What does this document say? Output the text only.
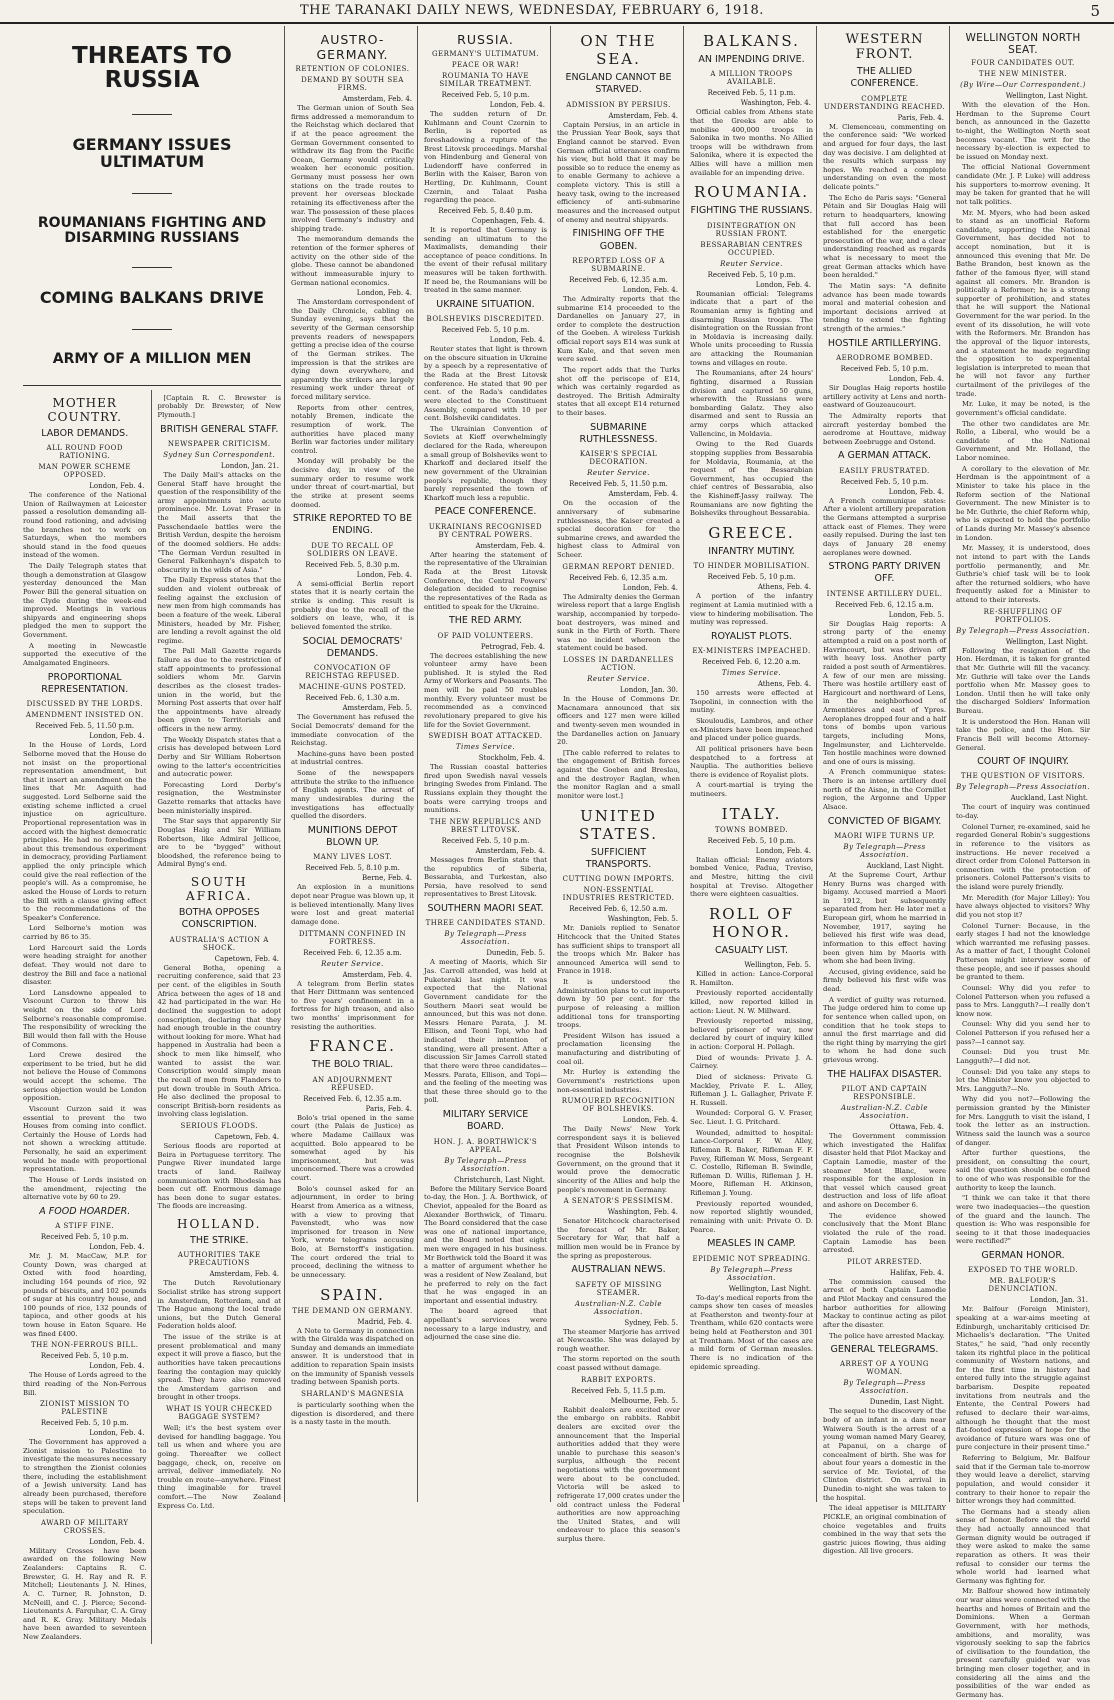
THE TARANAKI DAILY NEWS, WEDNESDAY, FEBRUARY 6, 1918.	5
THREATS TO RUSSIA
GERMANY ISSUES ULTIMATUM
ROUMANIANS FIGHTING AND DISARMING RUSSIANS
COMING BALKANS DRIVE
ARMY OF A MILLION MEN
MOTHER COUNTRY.
LABOR DEMANDS.
ALL ROUND FOOD RATIONING.
MAN POWER SCHEME OPPOSED.
London, Feb. 4.

The conference of the National Union of Railwaymen at Leicester passed a resolution demanding all-round food rationing, and advising the branches not to work on Saturdays, when the members should stand in the food queues instead of the women.

The Daily Telegraph states that though a demonstration at Glasgow yesterday denounced the Man Power Bill the general situation on the Clyde during the week-end improved. Meetings in various shipyards and engineering shops pledged the men to support the Government.

A meeting in Newcastle supported the executive of the Amalgamated Engineers.

PROPORTIONAL REPRESENTATION.
DISCUSSED BY THE LORDS.
AMENDMENT INSISTED ON.
Received Feb. 5, 11.50 p.m.
London, Feb. 4.

In the House of Lords, Lord Selborne moved that the House do not insist on the proportional representation amendment, but that it insert an amendment on the lines that Mr. Asquith had suggested. Lord Selborne said the existing scheme inflicted a cruel injustice on agriculture. Proportional representation was in accord with the highest democratic principles. He had no forebodings about this tremendous experiment in democracy, providing Parliament applied the only principle which could give the real reflection of the people's will. As a compromise, he asked the House of Lords to return the Bill with a clause giving effect to the recommendations of the Speaker's Conference.

Lord Selborne's motion was carried by 86 to 35.

Lord Harcourt said the Lords were heading straight for another defeat. They would not dare to destroy the Bill and face a national disaster.

Lord Lansdowne appealed to Viscount Curzon to throw his weight on the side of Lord Selborne's reasonable compromise. The responsibility of wrecking the Bill would then fall with the House of Commons.

Lord Crewe desired the experiment to be tried, but he did not believe the House of Commons would accept the scheme. The serious objection would be London opposition.

Viscount Curzon said it was essential to prevent the two Houses from coming into conflict. Certainly the House of Lords had not shown a wrecking attitude. Personally, he said an experiment would be made with proportional representation.

The House of Lords insisted on the amendment, rejecting the alternative vote by 60 to 29.

A FOOD HOARDER.
A STIFF FINE.
Received Feb. 5, 10 p.m.
London, Feb. 4.

Mr. J. M. MacCaw, M.P. for County Down, was charged at Oxted with food hoarding, including 164 pounds of rice, 92 pounds of biscuits, and 102 pounds of sugar at his country house, and 100 pounds of rice, 132 pounds of tapioca, and other goods at his town house in Eaton Square. He was fined £400.

THE NON-FERROUS BILL.
Received Feb. 5, 10 p.m.
London, Feb. 4.

The House of Lords agreed to the third reading of the Non-Ferrous Bill.

ZIONIST MISSION TO PALESTINE
Received Feb. 5, 10 p.m.
London, Feb. 4.

The Government has approved a Zionist mission to Palestine to investigate the measures necessary to strengthen the Zionist colonies there, including the establishment of a Jewish university. Land has already been purchased, therefore steps will be taken to prevent land speculation.

AWARD OF MILITARY CROSSES.
London, Feb. 4.

Military Crosses have been awarded on the following New Zealanders: Captains R. C. Brewster, G. H. Ray and R. F. Mitchell; Lieutenants J. N. Hines, A. C. Turner, R. Johnston, D. McNeill, and C. J. Pierce; Second-Lieutenants A. Farquhar, C. A. Gray and R. K. Gray. Military Medals have been awarded to seventeen New Zealanders.

[Captain R. C. Brewster is probably Dr. Brewster, of New Plymouth.]

BRITISH GENERAL STAFF.
NEWSPAPER CRITICISM.
Sydney Sun Correspondent.
London, Jan. 21.

The Daily Mail's attacks on the General Staff have brought the question of the responsibility of the army appointments into acute prominence. Mr. Lovat Fraser in the Mail asserts that the Passchendaele battles were the British Verdun, despite the heroism of the doomed soldiers. He adds: "The German Verdun resulted in General Falkenhayn's dispatch to obscurity in the wilds of Asia."

The Daily Express states that the sudden and violent outbreak of feeling against the exclusion of new men from high commands has been a feature of the week. Liberal Ministers, headed by Mr. Fisher, are lending a revolt against the old regime.

The Pall Mall Gazette regards failure as due to the restriction of staff appointments to professional soldiers whom Mr. Garvin describes as the closest trades-union in the world, but the Morning Post asserts that over half the appointments have already been given to Territorials and officers in the new army.

The Weekly Dispatch states that a crisis has developed between Lord Derby and Sir William Robertson owing to the latter's eccentricities and autocratic power.

Forecasting Lord Derby's resignation, the Westminster Gazette remarks that attacks have been ministerially inspired.

The Star says that apparently Sir Douglas Haig and Sir William Robertson, like Admiral Jellicoe, are to be "bygged" without bloodshed, the reference being to Admiral Byng's end.

SOUTH AFRICA.
BOTHA OPPOSES CONSCRIPTION.
AUSTRALIA'S ACTION A SHOCK.
Capetown, Feb. 4.

General Botha, opening a recruiting conference, said that 23 per cent. of the eligibles in South Africa between the ages of 18 and 42 had participated in the war. He declined the suggestion to adopt conscription, declaring that they had enough trouble in the country without looking for more. What had happened in Australia had been a shock to men like himself, who wanted to assist the war. Conscription would simply mean the recall of men from Flanders to put down trouble in South Africa. He also declined the proposal to conscript British-born residents as involving class legislation.

SERIOUS FLOODS.
Capetown, Feb. 4.

Serious floods are reported at Beira in Portuguese territory. The Pungwe River inundated large tracts of land. Railway communication with Rhodesia has been cut off. Enormous damage has been done to sugar estates. The floods are increasing.

HOLLAND.
THE STRIKE.
AUTHORITIES TAKE PRECAUTIONS
Amsterdam, Feb. 4.

The Dutch Revolutionary Socialist strike has strong support in Amsterdam, Rotterdam, and at The Hague among the local trade unions, but the Dutch General Federation holds aloof.

The issue of the strike is at present problematical and many expect it will prove a fiasco, but the authorities have taken precautions fearing the contagion may quickly spread. They have also removed the Amsterdam garrison and brought in other troops.

WHAT IS YOUR CHECKED BAGGAGE SYSTEM?

Well; it's the best system ever devised for handling baggage. You tell us when and where you are going. Thereafter we collect baggage, check, on, receive on arrival, deliver immediately. No trouble en route—anywhere. Finest thing imaginable for travel comfort.—The New Zealand Express Co. Ltd.

AUSTRO-GERMANY.
RETENTION OF COLONIES.
DEMAND BY SOUTH SEA FIRMS.
Amsterdam, Feb. 4.

The German union of South Sea firms addressed a memorandum to the Reichstag which declared that if at the peace agreement the German Government consented to withdraw its flag from the Pacific Ocean, Germany would critically weaken her economic position. Germany must possess her own stations on the trade routes to prevent her overseas blockade retaining its effectiveness after the war. The possession of these places involved Germany's industry and shipping trade.

The memorandum demands the retention of the former spheres of activity on the other side of the globe. These cannot be abandoned without immeasurable injury to German national economics.

London, Feb. 4.

The Amsterdam correspondent of the Daily Chronicle, cabling on Sunday evening, says that the severity of the German censorship prevents readers of newspapers getting a precise idea of the course of the German strikes. The impression is that the strikes are dying down everywhere, and apparently the strikers are largely resuming work under threat of forced military service.

Reports from other centres, notably Bremen, indicate the resumption of work. The authorities have placed many Berlin war factories under military control.

Monday will probably be the decisive day, in view of the summary order to resume work under threat of court-martial, but the strike at present seems doomed.

STRIKE REPORTED TO BE ENDING.
DUE TO RECALL OF SOLDIERS ON LEAVE.
Received Feb. 5, 8.30 p.m.
London, Feb. 4.

A semi-official Berlin report states that it is nearly certain the strike is ending. This result is probably due to the recall of the soldiers on leave, who, it is believed fomented the strike.

SOCIAL DEMOCRATS' DEMANDS.
CONVOCATION OF REICHSTAG REFUSED.
MACHINE-GUNS POSTED.
Received Feb. 6, 1.30 a.m.
Amsterdam, Feb. 5.

The Government has refused the Social Democrats' demand for the immediate convocation of the Reichstag.

Machine-guns have been posted at industrial centres.

Some of the newspapers attribute the strike to the influence of English agents. The arrest of many undesirables during the investigations has effectually quelled the disorders.

MUNITIONS DEPOT BLOWN UP.
MANY LIVES LOST.
Received Feb. 5, 8.10 p.m.
Berne, Feb. 4.

An explosion in a munitions depot near Prague was blown up, it is believed intentionally. Many lives were lost and great material damage done.

DITTMANN CONFINED IN FORTRESS.
Received Feb. 6, 12.35 a.m.
Reuter Service.
Amsterdam, Feb. 4.

A telegram from Berlin states that Herr Dittmann was sentenced to five years' confinement in a fortress for high treason, and also two months' imprisonment for resisting the authorities.

FRANCE.
THE BOLO TRIAL.
AN ADJOURNMENT REFUSED.
Received Feb. 6, 12.35 a.m.
Paris, Feb. 4.

Bolo's trial opened in the same court (the Palais de Justice) as where Madame Caillaux was acquitted. Bolo appeared to be somewhat aged by his imprisonment, but was unconcerned. There was a crowded court.

Bolo's counsel asked for an adjournment, in order to bring Hearst from America as a witness, with a view to proving that Pavenstedt, who was now imprisoned for treason in New York, wrote telegrams accusing Bolo, at Bernstorff's instigation. The court ordered the trial to proceed, declining the witness to be unnecessary.

SPAIN.
THE DEMAND ON GERMANY.
Madrid, Feb. 4.

A Note to Germany in connection with the Giralda was dispatched on Sunday and demands an immediate answer. It is understood that in addition to reparation Spain insists on the immunity of Spanish vessels trading between Spanish ports.

SHARLAND'S MAGNESIA

is particularly soothing when the digestion is disordered, and there is a nasty taste in the mouth.

RUSSIA.
GERMANY'S ULTIMATUM.
PEACE OR WAR!
ROUMANIA TO HAVE SIMILAR TREATMENT.
Received Feb. 5, 10 p.m.
London, Feb. 4.

The sudden return of Dr. Kuhlmann and Count Czernin to Berlin, is reported as foreshadowing a rupture of the Brest Litovsk proceedings. Marshal von Hindenburg and General von Ludendorff have conferred in Berlin with the Kaiser, Baron von Hertling, Dr. Kuhlmann, Count Czernin, and Talaat Pasha regarding the peace.

Received Feb. 5, 8.40 p.m.
Copenhagen, Feb. 4.

It is reported that Germany is sending an ultimatum to the Maximalists, demanding their acceptance of peace conditions. In the event of their refusal military measures will be taken forthwith. If need be, the Roumanians will be treated in the same manner.

UKRAINE SITUATION.
BOLSHEVIKS DISCREDITED.
Received Feb. 5, 10 p.m.
London, Feb. 4.

Reuter states that light is thrown on the obscure situation in Ukraine by a speech by a representative of the Rada at the Brest Litovsk conference. He stated that 90 per cent. of the Rada's candidates were elected to the Constituent Assembly, compared with 10 per cent. Bolsheviki candidates.

The Ukrainian Convention of Soviets at Kieff overwhelmingly declared for the Rada, whereupon a small group of Bolsheviks went to Kharkoff and declared itself the new government of the Ukrainian people's republic, though they barely represented the town of Kharkoff much less a republic.

PEACE CONFERENCE.
UKRAINIANS RECOGNISED BY CENTRAL POWERS.
Amsterdam, Feb. 4.

After hearing the statement of the representative of the Ukrainian Rada at the Brest Litovsk Conference, the Central Powers' delegation decided to recognise the representatives of the Rada as entitled to speak for the Ukraine.

THE RED ARMY.
OF PAID VOLUNTEERS.
Petrograd, Feb. 4.

The decrees establishing the new volunteer army have been published. It is styled the Red Army of Workers and Peasants. The men will be paid 50 roubles monthly. Every volunteer must be recommended as a convinced revolutionary prepared to give his life for the Soviet Government.

SWEDISH BOAT ATTACKED.
Times Service.
Stockholm, Feb. 4.

The Russian coastal batteries fired upon Swedish naval vessels bringing Swedes from Finland. The Russians explain they thought the boats were carrying troops and munitions.

THE NEW REPUBLICS AND BREST LITOVSK.
Received Feb. 5, 10 p.m.
Amsterdam, Feb. 4.

Messages from Berlin state that the republics of Siberia, Bessarabia, and Turkestan, also Persia, have resolved to send representatives to Brest Litovsk.

SOUTHERN MAORI SEAT.
THREE CANDIDATES STAND.
By Telegraph—Press Association.
Dunedin, Feb. 5.

A meeting of Maoris, which Sir Jas. Carroll attended, was held at Puketeraki last night. It was expected that the National Government candidate for the Southern Maori seat would be announced, but this was not done. Messrs Henare Parata, J. M. Ellison, and Teoni Topi, who had indicated their intention of standing, were all present. After a discussion Sir James Carroll stated that there were three candidates—Messrs. Parata, Ellison, and Topi—and the feeling of the meeting was that these three should go to the poll.

MILITARY SERVICE BOARD.
HON. J. A. BORTHWICK'S APPEAL
By Telegraph—Press Association.
Christchurch, Last Night.

Before the Military Service Board to-day, the Hon. J. A. Borthwick, of Cheviot, appealed for the Board as Alexander Borthwick, of Timaru. The Board considered that the case was one of national importance, and the Board noted that eight men were engaged in his business. Mr Borthwick told the Board it was a matter of argument whether he was a resident of New Zealand, but he preferred to rely on the fact that he was engaged in an important and essential industry.

The board agreed that appellant's services were necessary to a large industry, and adjourned the case sine die.

ON THE SEA.
ENGLAND CANNOT BE STARVED.
ADMISSION BY PERSIUS.
Amsterdam, Feb. 4.

Captain Persius, in an article in the Prussian Year Book, says that England cannot be starved. Even German official utterances confirm his view, but hold that it may be possible so to reduce the enemy as to enable Germany to achieve a complete victory. This is still a heavy task, owing to the increased efficiency of anti-submarine measures and the increased output of enemy and neutral shipyards.

FINISHING OFF THE GOBEN.
REPORTED LOSS OF A SUBMARINE.
Received Feb. 6, 12.35 a.m.
London, Feb. 4.

The Admiralty reports that the submarine E14 proceeded to the Dardanelles on January 27, in order to complete the destruction of the Goeben. A wireless Turkish official report says E14 was sunk at Kum Kale, and that seven men were saved.

The report adds that the Turks shot off the periscope of E14, which was certainly regarded as destroyed. The British Admiralty states that all except E14 returned to their bases.

SUBMARINE RUTHLESSNESS.
KAISER'S SPECIAL DECORATION.
Reuter Service.
Received Feb. 5, 11.50 p.m.
Amsterdam, Feb. 4.

On the occasion of the anniversary of submarine ruthlessness, the Kaiser created a special decoration for the submarine crews, and awarded the highest class to Admiral von Scheer.

GERMAN REPORT DENIED.
Received Feb. 6, 12.35 a.m.
London, Feb. 4.

The Admiralty denies the German wireless report that a large English warship, accompanied by torpedo-boat destroyers, was mined and sunk in the Firth of Forth. There was no incident whereon the statement could be based.

LOSSES IN DARDANELLES ACTION.
Reuter Service.
London, Jan. 30.

In the House of Commons Dr. Macnamara announced that six officers and 127 men were killed and twenty-seven men wounded in the Dardanelles action on January 20.

[The cable referred to relates to the engagement of British forces against the Goeben and Breslau, and the destroyer Raglan, when the monitor Raglan and a small monitor were lost.]

UNITED STATES.
SUFFICIENT TRANSPORTS.
CUTTING DOWN IMPORTS.
NON-ESSENTIAL INDUSTRIES RESTRICTED.
Received Feb. 6, 12.50 a.m.
Washington, Feb. 5.

Mr. Daniels replied to Senator Hitchcock that the United States has sufficient ships to transport all the troops which Mr. Baker has announced America will send to France in 1918.

It is understood the Administration plans to cut imports down by 50 per cent. for the purpose of releasing a million additional tons for transporting troops.

President Wilson has issued a proclamation licensing the manufacturing and distributing of coal oil.

Mr. Hurley is extending the Government's restrictions upon non-essential industries.

RUMOURED RECOGNITION OF BOLSHEVIKS.
London, Feb. 4.

The Daily News' New York correspondent says it is believed that President Wilson intends to recognise the Bolshevik Government, on the ground that it would prove the democratic sincerity of the Allies and help the people's movement in Germany.

A SENATOR'S PESSIMISM.
Washington, Feb. 4.

Senator Hitchcock characterised the forecast of Mr. Baker, Secretary for War, that half a million men would be in France by the spring as preposterous.

AUSTRALIAN NEWS.
SAFETY OF MISSING STEAMER.
Australian-N.Z. Cable Association.
Sydney, Feb. 5.

The steamer Marjorie has arrived at Newcastle. She was delayed by rough weather.

The storm reported on the south coast passed without damage.

RABBIT EXPORTS.
Received Feb. 5, 11.5 p.m.
Melbourne, Feb. 5.

Rabbit dealers are excited over the embargo on rabbits. Rabbit dealers are excited over the announcement that the Imperial authorities added that they were unable to purchase this season's surplus, although the recent negotiations with the government were about to be concluded. Victoria will be asked to refrigerate 17,000 crates under the old contract unless the Federal authorities are now approaching the United States, and will endeavour to place this season's surplus there.

BALKANS.
AN IMPENDING DRIVE.
A MILLION TROOPS AVAILABLE.
Received Feb. 5, 11 p.m.
Washington, Feb. 4.

Official cables from Athens state that the Greeks are able to mobilise 400,000 troops in Salonika in two months. No Allied troops will be withdrawn from Salonika, where it is expected the Allies will have a million men available for an impending drive.

ROUMANIA.
FIGHTING THE RUSSIANS.
DISINTEGRATION ON RUSSIAN FRONT.
BESSARABIAN CENTRES OCCUPIED.
Reuter Service.
Received Feb. 5, 10 p.m.
London, Feb. 4.

Roumanian official: Telegrams indicate that a part of the Roumanian army is fighting and disarming Russian troops. The disintegration on the Russian front in Moldavia is increasing daily. Whole units proceeding to Russia are attacking the Roumanian towns and villages en route.

The Roumanians, after 24 hours' fighting, disarmed a Russian division and captured 50 guns, wherewith the Russians were bombarding Galatz. They also disarmed and sent to Russia an army corps which attacked Vallencinc, in Moldavia.

Owing to the Red Guards stopping supplies from Bessarabia for Moldavia, Roumania, at the request of the Bessarabian Government, has occupied the chief centres of Bessarabia, also the Kishineff-Jassy railway. The Roumanians are now fighting the Bolsheviks throughout Bessarabia.

GREECE.
INFANTRY MUTINY.
TO HINDER MOBILISATION.
Received Feb. 5, 10 p.m.
Athens, Feb. 4.

A portion of the infantry regiment at Lamia mutinied with a view to hindering mobilisation. The mutiny was repressed.

ROYALIST PLOTS.
EX-MINISTERS IMPEACHED.
Received Feb. 6, 12.20 a.m.
Times Service.
Athens, Feb. 4.

150 arrests were effected at Tsopolini, in connection with the mutiny.

Skouloudis, Lambros, and other ex-Ministers have been impeached and placed under police guards.

All political prisoners have been despatched to a fortress at Nauplia. The authorities believe there is evidence of Royalist plots.

A court-martial is trying the mutineers.

ITALY.
TOWNS BOMBED.
Received Feb. 5, 10 p.m.
London, Feb. 4.

Italian official: Enemy aviators bombed Venice, Padua, Treviso, and Mestre, hitting the civil hospital at Treviso. Altogether there were eighteen casualties.

ROLL OF HONOR.
CASUALTY LIST.
Wellington, Feb. 5.

Killed in action: Lance-Corporal R. Hamilton.

Previously reported accidentally killed, now reported killed in action: Lieut. N. W. Millward.

Previously reported missing, believed prisoner of war, now declared by court of inquiry killed in action: Corporal H. Pollagh.

Died of wounds: Private J. A. Cairney.

Died of sickness: Private G. Mackley, Private F. L. Alley, Rifleman J. L. Gallagher, Private F. H. Russell.

Wounded: Corporal G. V. Fraser, Sec. Lieut. I. G. Pritchard.

Wounded, admitted to hospital: Lance-Corporal F. W. Alley, Rifleman R. Baker, Rifleman F. F. Pavey, Rifleman W. Moss, Sergeant C. Costello, Rifleman B. Swindle, Rifleman D. Willis, Rifleman J. H. Moore, Rifleman H. Atkinson, Rifleman J. Young.

Previously reported wounded, now reported slightly wounded, remaining with unit: Private O. D. Pearce.

MEASLES IN CAMP.
EPIDEMIC NOT SPREADING.
By Telegraph—Press Association.
Wellington, Last Night.

To-day's medical reports from the camps show ten cases of measles at Featherston and twenty-four at Trentham, while 620 contacts were being held at Featherston and 301 at Trentham. Most of the cases are a mild form of German measles. There is no indication of the epidemic spreading.

WESTERN FRONT.
THE ALLIED CONFERENCE.
COMPLETE UNDERSTANDING REACHED.
Paris, Feb. 4.

M. Clemenceau, commenting on the conference said: "We worked and argued for four days, the last day was decisive. I am delighted at the results which surpass my hopes. We reached a complete understanding on even the most delicate points."

The Echo de Paris says: "General Pétain and Sir Douglas Haig will return to headquarters, knowing that full accord has been established for the energetic prosecution of the war, and a clear understanding reached as regards what is necessary to meet the great German attacks which have been heralded."

The Matin says: "A definite advance has been made towards moral and material cohesion and important decisions arrived at tending to extend the fighting strength of the armies."

HOSTILE ARTILLERYING.
AERODROME BOMBED.
Received Feb. 5, 10 p.m.
London, Feb. 4.

Sir Douglas Haig reports hostile artillery activity at Lens and north-eastward of Gouzeaucourt.

The Admiralty reports that aircraft yesterday bombed the aerodrome at Houttave, midway between Zeebrugge and Ostend.

A GERMAN ATTACK.
EASILY FRUSTRATED.
Received Feb. 5, 10 p.m.
London, Feb. 4.

A French communique states: After a violent artillery preparation the Germans attempted a surprise attack east of Flemes. They were easily repulsed. During the last ten days of January 28 enemy aeroplanes were downed.

STRONG PARTY DRIVEN OFF.
INTENSE ARTILLERY DUEL.
Received Feb. 6, 12.15 a.m.
London, Feb. 5.

Sir Douglas Haig reports: A strong party of the enemy attempted a raid on a post north of Havrincourt, but was driven off with heavy loss. Another party raided a post south of Armentières. A few of our men are missing. There was hostile artillery east of Hargicourt and northward of Lens, in the neighborhood of Armentières and east of Ypres. Aeroplanes dropped four and a half tons of bombs upon various targets, including Mons, Ingelmunster, and Lichtervelde. Ten hostile machines were downed and one of ours is missing.

A French communique states: There is an intense artillery duel north of the Aisne, in the Cornillet region, the Argonne and Upper Alsace.

CONVICTED OF BIGAMY.
MAORI WIFE TURNS UP.
By Telegraph—Press Association.
Auckland, Last Night.

At the Supreme Court, Arthur Henry Burns was charged with bigamy. Accused married a Maori in 1912, but subsequently separated from her. He later met a European girl, whom he married in November, 1917, saying he believed his first wife was dead, information to this effect having been given him by Maoris with whom she had been living.

Accused, giving evidence, said he firmly believed his first wife was dead.

A verdict of guilty was returned. The judge ordered him to come up for sentence when called upon, on condition that he took steps to annul the first marriage and did the right thing by marrying the girl to whom he had done such grievous wrong.

THE HALIFAX DISASTER.
PILOT AND CAPTAIN RESPONSIBLE.
Australian-N.Z. Cable Association.
Ottawa, Feb. 4.

The Government commission which investigated the Halifax disaster held that Pilot Mackay and Captain Lamodie, master of the steamer Mont Blanc, were responsible for the explosion in that vessel which caused great destruction and loss of life afloat and ashore on December 6.

The evidence showed conclusively that the Mont Blanc violated the rule of the road. Captain Lamodie has been arrested.

PILOT ARRESTED.
Halifax, Feb. 4.

The commission caused the arrest of both Captain Lamodie and Pilot Mackay and censured the harbor authorities for allowing Mackay to continue acting as pilot after the disaster.

The police have arrested Mackay.

GENERAL TELEGRAMS.
ARREST OF A YOUNG WOMAN.
By Telegraph—Press Association.
Dunedin, Last Night.

The sequel to the discovery of the body of an infant in a dam near Waiwera South is the arrest of a young woman named Mary Gearey, at Papanui, on a charge of concealment of birth. She was for about four years a domestic in the service of Mr. Teviotel, of the Clinton district. On arrival in Dunedin to-night she was taken to the hospital.

The ideal appetiser is MILITARY PICKLE, an original combination of choice vegetables and fruits combined in the way that sets the gastric juices flowing, thus aiding digestion. All live grocers.

WELLINGTON NORTH SEAT.
FOUR CANDIDATES OUT.
THE NEW MINISTER.
(By Wire—Our Correspondent.)
Wellington, Last Night.

With the elevation of the Hon. Herdman to the Supreme Court bench, as announced in the Gazette to-night, the Wellington North seat becomes vacant. The writ for the necessary by-election is expected to be issued on Monday next.

The official National Government candidate (Mr. J. P. Luke) will address his supporters to-morrow evening. It may be taken for granted that he will not talk politics.

Mr. M. Myers, who had been asked to stand as an unofficial Reform candidate, supporting the National Government, has decided not to accept nomination, but it is announced this evening that Mr. De Bathe Brandon, best known as the father of the famous flyer, will stand against all comers. Mr. Brandon is politically a Reformer; he is a strong supporter of prohibition, and states that he will support the National Government for the war period. In the event of its dissolution, he will vote with the Reformers. Mr. Brandon has the approval of the liquor interests, and a statement he made regarding the opposition to experimental legislation is interpreted to mean that he will not favor any further curtailment of the privileges of the trade.

Mr. Luke, it may be noted, is the government's official candidate.

The other two candidates are Mr. Rollo, a Liberal, who would be a candidate of the National Government, and Mr. Holland, the Labor nominee.

A corollary to the elevation of Mr. Herdman is the appointment of a Minister to take his place in the Reform section of the National Government. The new Minister is to be Mr. Guthrie, the chief Reform whip, who is expected to hold the portfolio of Lands during Mr. Massey's absence in London.

Mr. Massey, it is understood, does not intend to part with the Lands portfolio permanently, and Mr. Guthrie's chief task will be to look after the returned soldiers, who have frequently asked for a Minister to attend to their interests.

RE-SHUFFLING OF PORTFOLIOS.
By Telegraph—Press Association.
Wellington, Last Night.

Following the resignation of the Hon. Herdman, it is taken for granted that Mr. Guthrie will fill the vacancy. Mr. Guthrie will take over the Lands portfolio when Mr. Massey goes to London. Until then he will take only the discharged Soldiers' Information Bureau.

It is understood the Hon. Hanan will take the police, and the Hon. Sir Francis Bell will become Attorney-General.

COURT OF INQUIRY.
THE QUESTION OF VISITORS.
By Telegraph—Press Association.
Auckland, Last Night.

The court of inquiry was continued to-day.

Colonel Turner, re-examined, said he regarded General Robin's suggestions in reference to the visitors as instructions. He never received a direct order from Colonel Patterson in connection with the protection of prisoners. Colonel Patterson's visits to the island were purely friendly.

Mr. Meredith (for Major Lilley): You have always objected to visitors? Why did you not stop it?

Colonel Turner: Because, in the early stages I had not the knowledge which warranted me refusing passes. As a matter of fact, I thought Colonel Patterson might interview some of these people, and see if passes should be granted to them.

Counsel: Why did you refer to Colonel Patterson when you refused a pass to Mrs. Langguth?—I really don't know now.

Counsel: Why did you send her to Colonel Patterson if you refused her a pass?—I cannot say.

Counsel: Did you trust Mr. Langguth?—I did not.

Counsel: Did you take any steps to let the Minister know you objected to Mrs. Langguth?—No.

Why did you not?—Following the permission granted by the Minister for Mrs. Langguth to visit the island, I took the letter as an instruction. Witness said the launch was a source of danger.

After further questions, the president, on consulting the court, said the question should be confined to one of who was responsible for the authority to keep the launch.

"I think we can take it that there were two inadequacies—the question of the guard and the launch. The question is: Who was responsible for seeing to it that those inadequacies were rectified?"

GERMAN HONOR.
EXPOSED TO THE WORLD.
MR. BALFOUR'S DENUNCIATION.
London, Jan. 31.

Mr. Balfour (Foreign Minister), speaking at a war-aims meeting at Edinburgh, uncharitably criticised Dr. Michaelis's declaration. "The United States," he said, "had only recently taken its rightful place in the political community of Western nations, and for the first time in history had entered fully into the struggle against barbarism. Despite repeated invitations from neutrals and the Entente, the Central Powers had refused to declare their war-aims, although he thought that the most flat-footed expression of hope for the avoidance of future wars was one of pure conjecture in their present time."

Referring to Belgium, Mr. Balfour said that if the German tale to-morrow they would leave a derelict, starving population, and would consider it contrary to their honor to repair the bitter wrongs they had committed.

The Germans had a steady alien sense of honor. Before all the world they had actually announced that German dignity would be outraged if they were asked to make the same reparation as others. It was their refusal to consider our terms the whole world had learned what Germany was fighting for.

Mr. Balfour showed how intimately our war aims were connected with the hearths and homes of Britain and the Dominions. When a German Government, with her methods, ambitions, and morality, was vigorously seeking to sap the fabrics of civilisation to the foundation, the present carefully guided war was bringing men closer together, and in considering all the aims and the possibilities of the war ended as Germany has.
